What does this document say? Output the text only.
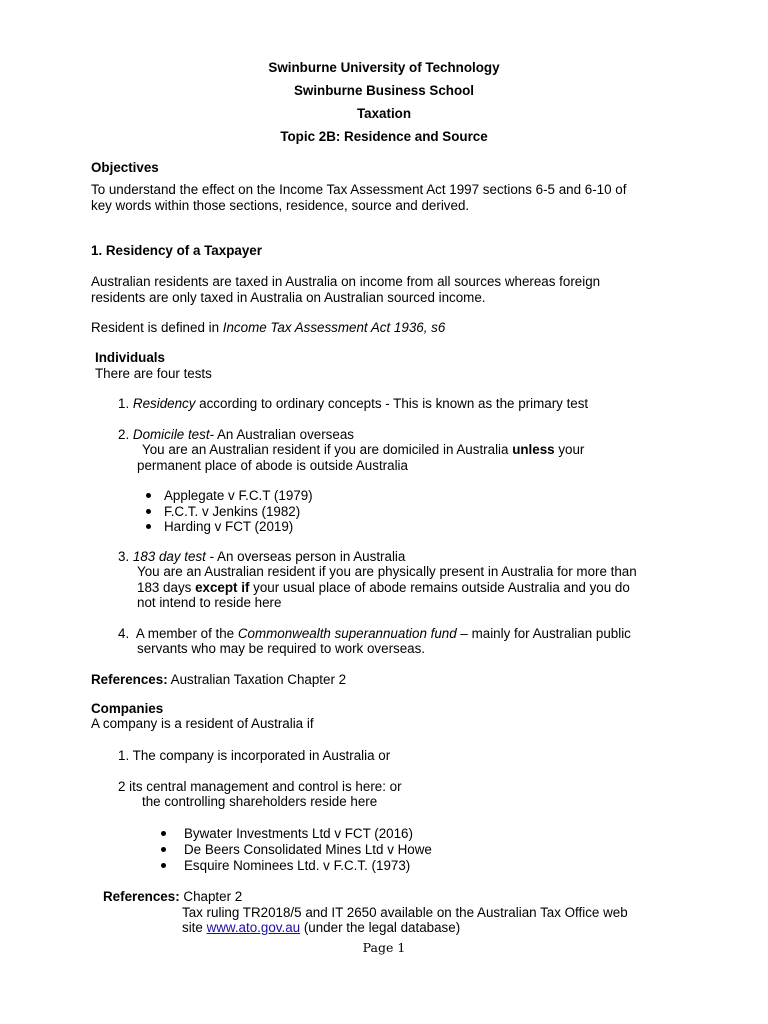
Swinburne University of Technology
Swinburne Business School
Taxation
Topic 2B: Residence and Source
Objectives
To understand the effect on the Income Tax Assessment Act 1997 sections 6-5 and 6-10 of
key words within those sections, residence, source and derived.
1. Residency of a Taxpayer
Australian residents are taxed in Australia on income from all sources whereas foreign
residents are only taxed in Australia on Australian sourced income.
Resident is defined in Income Tax Assessment Act 1936, s6
Individuals
There are four tests
1. Residency according to ordinary concepts - This is known as the primary test
2. Domicile test- An Australian overseas
You are an Australian resident if you are domiciled in Australia unless your
permanent place of abode is outside Australia
Applegate v F.C.T (1979)
F.C.T. v Jenkins (1982)
Harding v FCT (2019)
3. 183 day test - An overseas person in Australia
You are an Australian resident if you are physically present in Australia for more than
183 days except if your usual place of abode remains outside Australia and you do
not intend to reside here
4. A member of the Commonwealth superannuation fund – mainly for Australian public
servants who may be required to work overseas.
References: Australian Taxation Chapter 2
Companies
A company is a resident of Australia if
1. The company is incorporated in Australia or
2 its central management and control is here: or
the controlling shareholders reside here
Bywater Investments Ltd v FCT (2016)
De Beers Consolidated Mines Ltd v Howe
Esquire Nominees Ltd. v F.C.T. (1973)
References: Chapter 2
Tax ruling TR2018/5 and IT 2650 available on the Australian Tax Office web
site www.ato.gov.au (under the legal database)
Page 1
